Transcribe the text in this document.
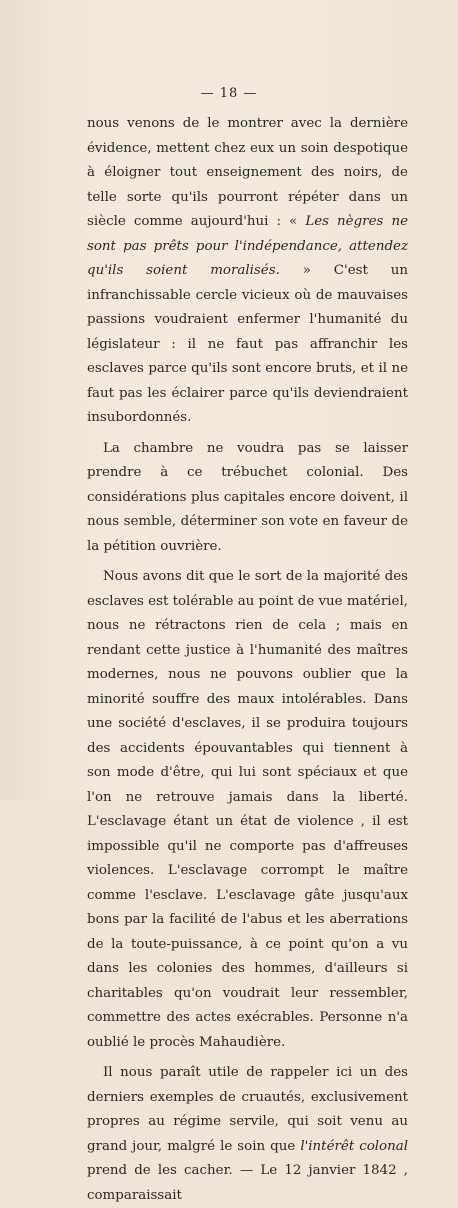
— 18 —

nous venons de le montrer avec la dernière évidence, mettent chez eux un soin despotique à éloigner tout enseignement des noirs, de telle sorte qu'ils pourront répéter dans un siècle comme aujourd'hui : « Les nègres ne sont pas prêts pour l'indépendance, attendez qu'ils soient moralisés. » C'est un infranchissable cercle vicieux où de mauvaises passions voudraient enfermer l'humanité du législateur : il ne faut pas affranchir les esclaves parce qu'ils sont encore bruts, et il ne faut pas les éclairer parce qu'ils deviendraient insubordonnés.

La chambre ne voudra pas se laisser prendre à ce trébuchet colonial. Des considérations plus capitales encore doivent, il nous semble, déterminer son vote en faveur de la pétition ouvrière.

Nous avons dit que le sort de la majorité des esclaves est tolérable au point de vue matériel, nous ne rétractons rien de cela ; mais en rendant cette justice à l'humanité des maîtres modernes, nous ne pouvons oublier que la minorité souffre des maux intolérables. Dans une société d'esclaves, il se produira toujours des accidents épouvantables qui tiennent à son mode d'être, qui lui sont spéciaux et que l'on ne retrouve jamais dans la liberté. L'esclavage étant un état de violence , il est impossible qu'il ne comporte pas d'affreuses violences. L'esclavage corrompt le maître comme l'esclave. L'esclavage gâte jusqu'aux bons par la facilité de l'abus et les aberrations de la toute-puissance, à ce point qu'on a vu dans les colonies des hommes, d'ailleurs si charitables qu'on voudrait leur ressembler, commettre des actes exécrables. Personne n'a oublié le procès Mahaudière.

Il nous paraît utile de rappeler ici un des derniers exemples de cruautés, exclusivement propres au régime servile, qui soit venu au grand jour, malgré le soin que l'intérêt colonal prend de les cacher. — Le 12 janvier 1842 , comparaissait
